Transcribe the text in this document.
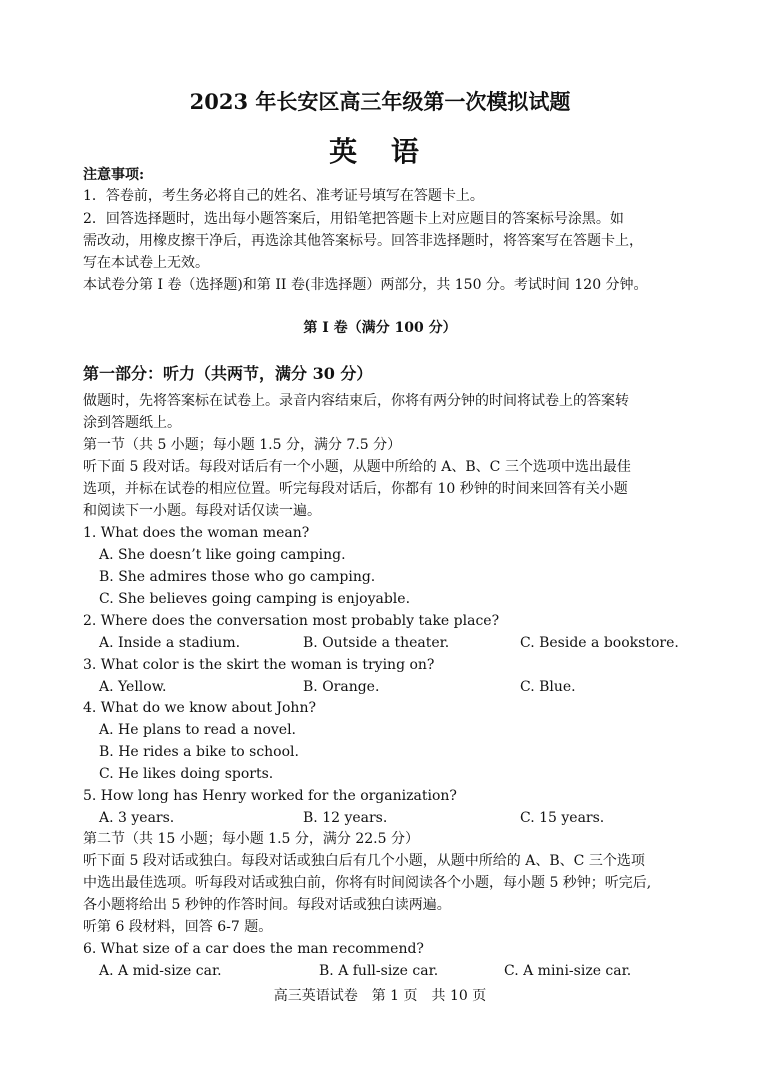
2023 年长安区高三年级第一次模拟试题
英 语
注意事项:
1．答卷前，考生务必将自己的姓名、准考证号填写在答题卡上。
2．回答选择题时，选出每小题答案后，用铅笔把答题卡上对应题目的答案标号涂黑。如
需改动，用橡皮擦干净后，再选涂其他答案标号。回答非选择题时，将答案写在答题卡上，
写在本试卷上无效。
本试卷分第 I 卷（选择题)和第 II 卷(非选择题）两部分，共 150 分。考试时间 120 分钟。
第 I 卷（满分 100 分）
第一部分：听力（共两节，满分 30 分）
做题时，先将答案标在试卷上。录音内容结束后，你将有两分钟的时间将试卷上的答案转
涂到答题纸上。
第一节（共 5 小题；每小题 1.5 分，满分 7.5 分）
听下面 5 段对话。每段对话后有一个小题，从题中所给的 A、B、C 三个选项中选出最佳
选项，并标在试卷的相应位置。听完每段对话后，你都有 10 秒钟的时间来回答有关小题
和阅读下一小题。每段对话仅读一遍。
1. What does the woman mean?
A. She doesn’t like going camping.
B. She admires those who go camping.
C. She believes going camping is enjoyable.
2. Where does the conversation most probably take place?
A. Inside a stadium.	B. Outside a theater.	C. Beside a bookstore.
3. What color is the skirt the woman is trying on?
A. Yellow.	B. Orange.	C. Blue.
4. What do we know about John?
A. He plans to read a novel.
B. He rides a bike to school.
C. He likes doing sports.
5. How long has Henry worked for the organization?
A. 3 years.	B. 12 years.	C. 15 years.
第二节（共 15 小题；每小题 1.5 分，满分 22.5 分）
听下面 5 段对话或独白。每段对话或独白后有几个小题，从题中所给的 A、B、C 三个选项
中选出最佳选项。听每段对话或独白前，你将有时间阅读各个小题，每小题 5 秒钟；听完后,
各小题将给出 5 秒钟的作答时间。每段对话或独白读两遍。
听第 6 段材料，回答 6-7 题。
6. What size of a car does the man recommend?
A. A mid-size car.	B. A full-size car.	C. A mini-size car.
高三英语试卷　第 1 页　共 10 页
